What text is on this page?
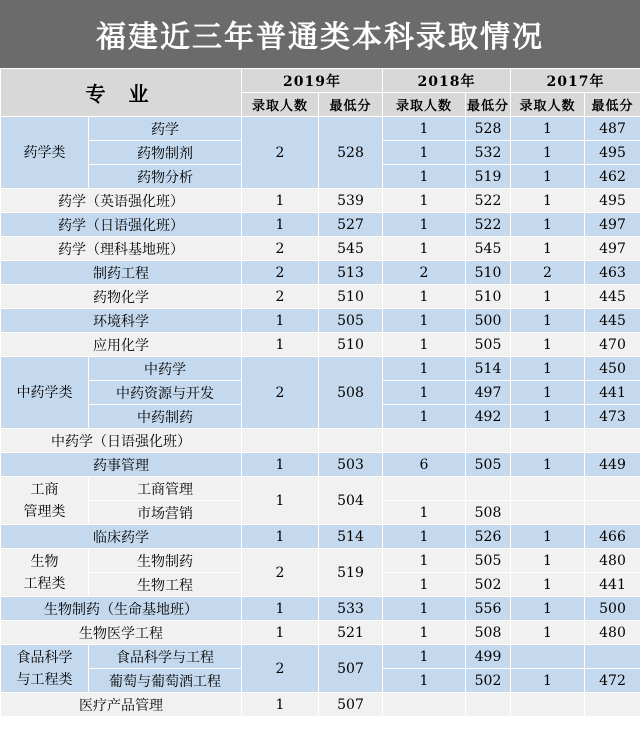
福建近三年普通类本科录取情况
专 业		2019年		2018年		2017年	
		录取人数	最低分	录取人数	最低分	录取人数	最低分
药学类	药学	2	528	1	528	1	487
	药物制剂			1	532	1	495
	药物分析			1	519	1	462
药学（英语强化班）		1	539	1	522	1	495
药学（日语强化班）		1	527	1	522	1	497
药学（理科基地班）		2	545	1	545	1	497
制药工程		2	513	2	510	2	463
药物化学		2	510	1	510	1	445
环境科学		1	505	1	500	1	445
应用化学		1	510	1	505	1	470
中药学类	中药学	2	508	1	514	1	450
	中药资源与开发			1	497	1	441
	中药制药			1	492	1	473
中药学（日语强化班）							
药事管理		1	503	6	505	1	449
工商
管理类	工商管理	1	504				
	市场营销			1	508		
临床药学		1	514	1	526	1	466
生物
工程类	生物制药	2	519	1	505	1	480
	生物工程			1	502	1	441
生物制药（生命基地班）		1	533	1	556	1	500
生物医学工程		1	521	1	508	1	480
食品科学
与工程类	食品科学与工程	2	507	1	499		
	葡萄与葡萄酒工程			1	502	1	472
医疗产品管理		1	507				
